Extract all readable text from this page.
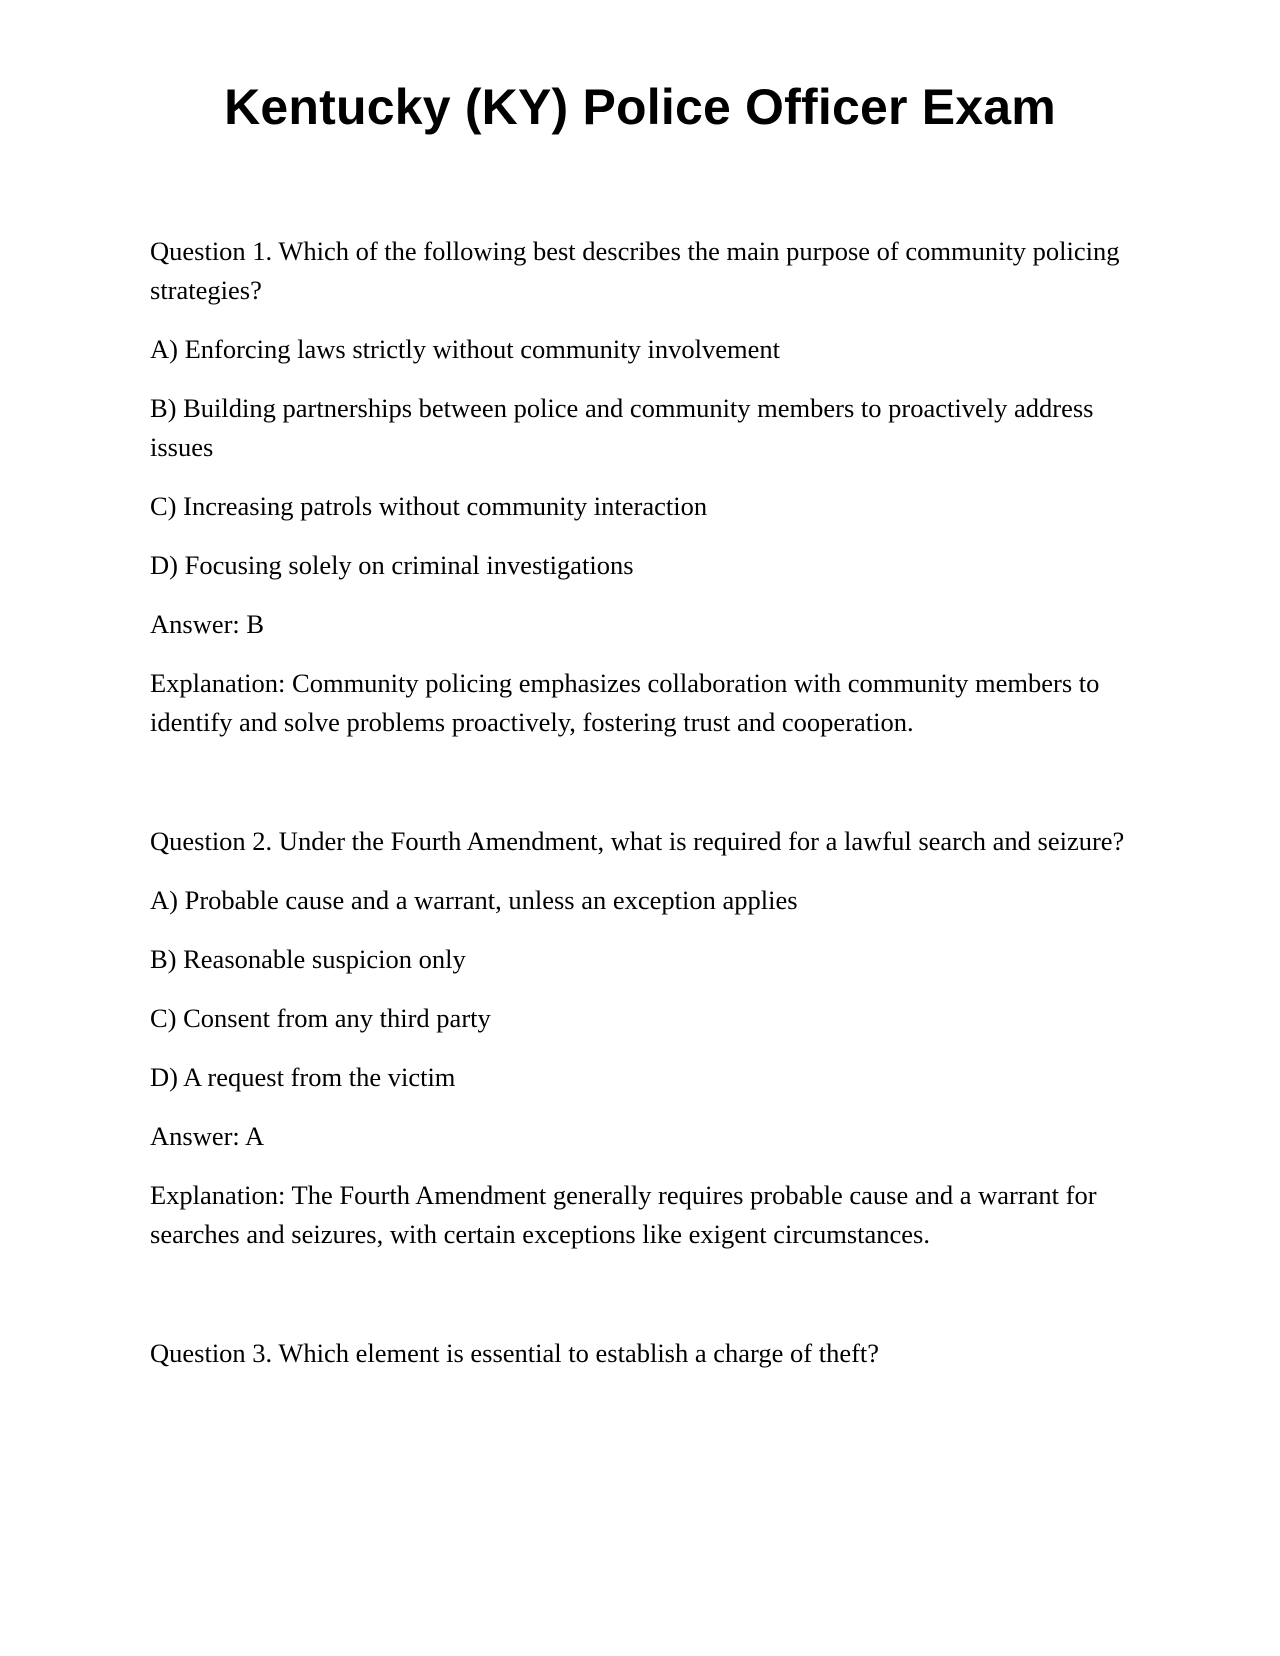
Kentucky (KY) Police Officer Exam

Question 1. Which of the following best describes the main purpose of community policing strategies?

A) Enforcing laws strictly without community involvement

B) Building partnerships between police and community members to proactively address issues

C) Increasing patrols without community interaction

D) Focusing solely on criminal investigations

Answer: B

Explanation: Community policing emphasizes collaboration with community members to identify and solve problems proactively, fostering trust and cooperation.

Question 2. Under the Fourth Amendment, what is required for a lawful search and seizure?

A) Probable cause and a warrant, unless an exception applies

B) Reasonable suspicion only

C) Consent from any third party

D) A request from the victim

Answer: A

Explanation: The Fourth Amendment generally requires probable cause and a warrant for searches and seizures, with certain exceptions like exigent circumstances.

Question 3. Which element is essential to establish a charge of theft?
